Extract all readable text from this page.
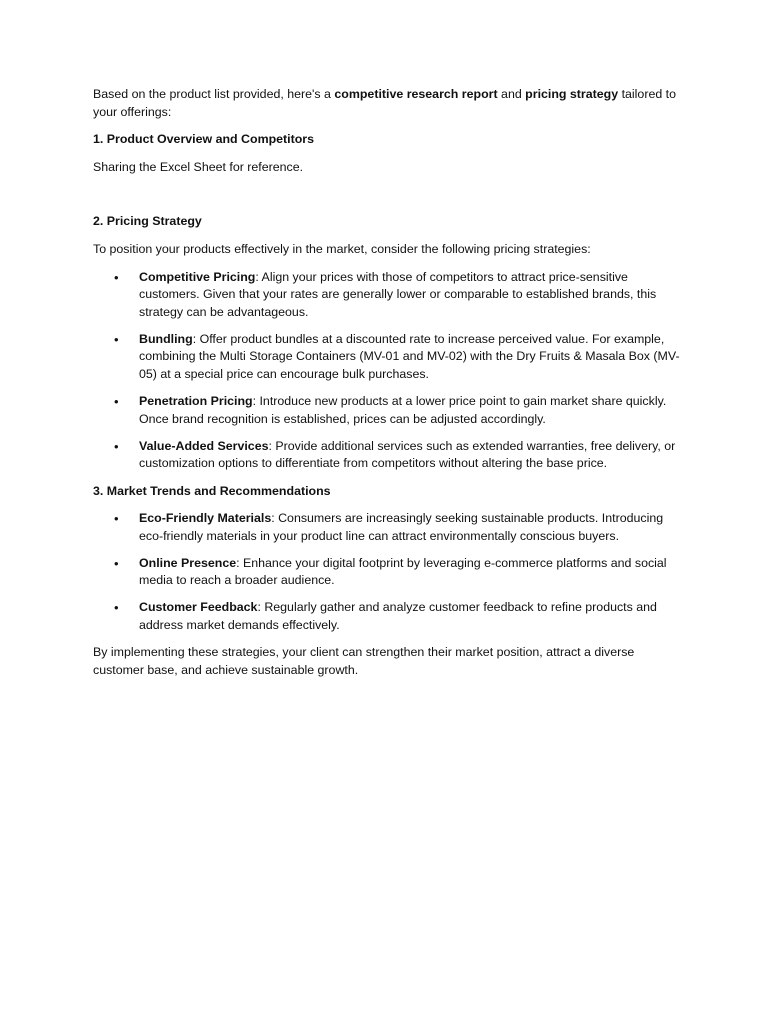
Based on the product list provided, here's a competitive research report and pricing strategy tailored to your offerings:

1. Product Overview and Competitors

Sharing the Excel Sheet for reference.

2. Pricing Strategy

To position your products effectively in the market, consider the following pricing strategies:

• Competitive Pricing: Align your prices with those of competitors to attract price-sensitive customers. Given that your rates are generally lower or comparable to established brands, this strategy can be advantageous.
• Bundling: Offer product bundles at a discounted rate to increase perceived value. For example, combining the Multi Storage Containers (MV-01 and MV-02) with the Dry Fruits & Masala Box (MV-05) at a special price can encourage bulk purchases.
• Penetration Pricing: Introduce new products at a lower price point to gain market share quickly. Once brand recognition is established, prices can be adjusted accordingly.
• Value-Added Services: Provide additional services such as extended warranties, free delivery, or customization options to differentiate from competitors without altering the base price.

3. Market Trends and Recommendations

• Eco-Friendly Materials: Consumers are increasingly seeking sustainable products. Introducing eco-friendly materials in your product line can attract environmentally conscious buyers.
• Online Presence: Enhance your digital footprint by leveraging e-commerce platforms and social media to reach a broader audience.
• Customer Feedback: Regularly gather and analyze customer feedback to refine products and address market demands effectively.

By implementing these strategies, your client can strengthen their market position, attract a diverse customer base, and achieve sustainable growth.
